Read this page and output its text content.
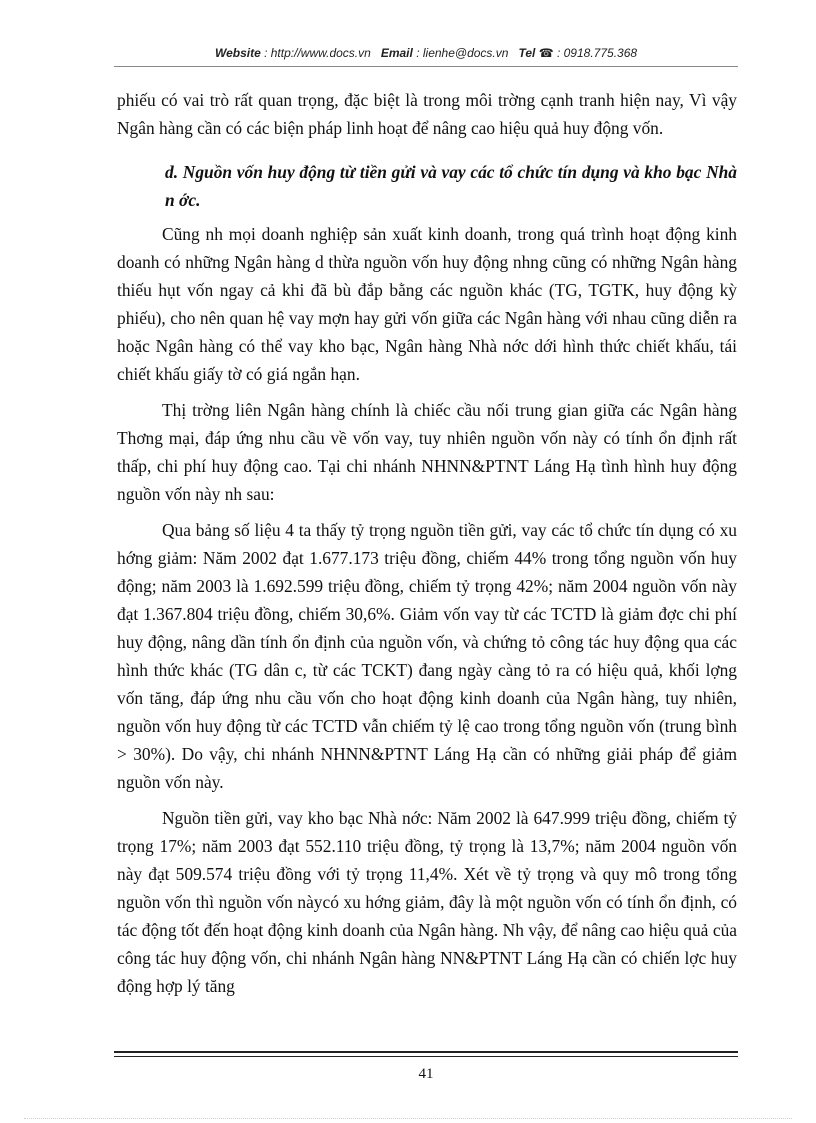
Website : http://www.docs.vn Email : lienhe@docs.vn Tel ☎ : 0918.775.368

phiếu có vai trò rất quan trọng, đặc biệt là trong môi trờng cạnh tranh hiện nay, Vì vậy Ngân hàng cần có các biện pháp linh hoạt để nâng cao hiệu quả huy động vốn.

d. Nguồn vốn huy động từ tiền gửi và vay các tổ chức tín dụng và kho bạc Nhà n ớc.

Cũng nh mọi doanh nghiệp sản xuất kinh doanh, trong quá trình hoạt động kinh doanh có những Ngân hàng d thừa nguồn vốn huy động nhng cũng có những Ngân hàng thiếu hụt vốn ngay cả khi đã bù đắp bằng các nguồn khác (TG, TGTK, huy động kỳ phiếu), cho nên quan hệ vay mợn hay gửi vốn giữa các Ngân hàng với nhau cũng diễn ra hoặc Ngân hàng có thể vay kho bạc, Ngân hàng Nhà nớc dới hình thức chiết khấu, tái chiết khấu giấy tờ có giá ngắn hạn.

Thị trờng liên Ngân hàng chính là chiếc cầu nối trung gian giữa các Ngân hàng Thơng mại, đáp ứng nhu cầu về vốn vay, tuy nhiên nguồn vốn này có tính ổn định rất thấp, chi phí huy động cao. Tại chi nhánh NHNN&PTNT Láng Hạ tình hình huy động nguồn vốn này nh sau:

Qua bảng số liệu 4 ta thấy tỷ trọng nguồn tiền gửi, vay các tổ chức tín dụng có xu hớng giảm: Năm 2002 đạt 1.677.173 triệu đồng, chiếm 44% trong tổng nguồn vốn huy động; năm 2003 là 1.692.599 triệu đồng, chiếm tỷ trọng 42%; năm 2004 nguồn vốn này đạt 1.367.804 triệu đồng, chiếm 30,6%. Giảm vốn vay từ các TCTD là giảm đợc chi phí huy động, nâng dần tính ổn định của nguồn vốn, và chứng tỏ công tác huy động qua các hình thức khác (TG dân c, từ các TCKT) đang ngày càng tỏ ra có hiệu quả, khối lợng vốn tăng, đáp ứng nhu cầu vốn cho hoạt động kinh doanh của Ngân hàng, tuy nhiên, nguồn vốn huy động từ các TCTD vẫn chiếm tỷ lệ cao trong tổng nguồn vốn (trung bình > 30%). Do vậy, chi nhánh NHNN&PTNT Láng Hạ cần có những giải pháp để giảm nguồn vốn này.

Nguồn tiền gửi, vay kho bạc Nhà nớc: Năm 2002 là 647.999 triệu đồng, chiếm tỷ trọng 17%; năm 2003 đạt 552.110 triệu đồng, tỷ trọng là 13,7%; năm 2004 nguồn vốn này đạt 509.574 triệu đồng với tỷ trọng 11,4%. Xét về tỷ trọng và quy mô trong tổng nguồn vốn thì nguồn vốn nàycó xu hớng giảm, đây là một nguồn vốn có tính ổn định, có tác động tốt đến hoạt động kinh doanh của Ngân hàng. Nh vậy, để nâng cao hiệu quả của công tác huy động vốn, chi nhánh Ngân hàng NN&PTNT Láng Hạ cần có chiến lợc huy động hợp lý tăng

41
